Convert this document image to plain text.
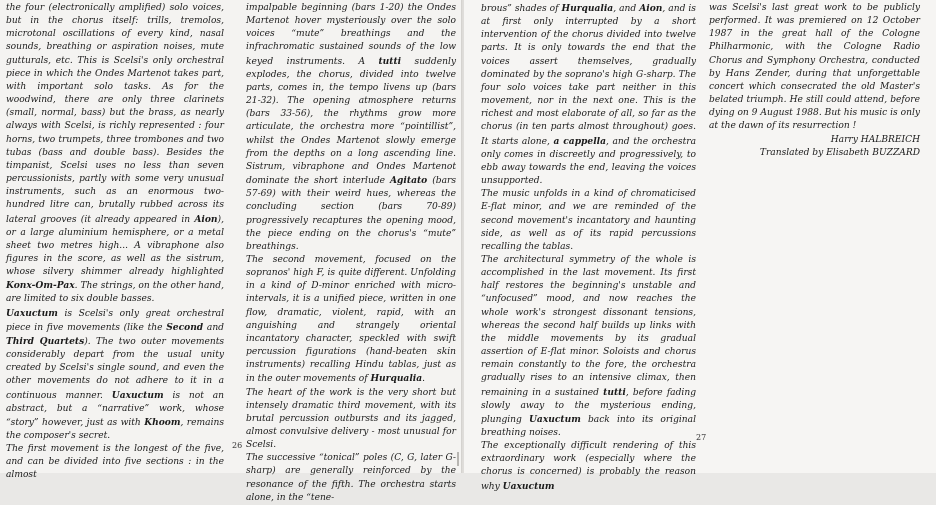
the four (electronically amplified) solo voices, but in the chorus itself: trills, tremolos, microtonal oscillations of every kind, nasal sounds, breathing or aspiration noises, mute gutturals, etc. This is Scelsi's only orchestral piece in which the Ondes Martenot takes part, with important solo tasks. As for the woodwind, there are only three clarinets (small, normal, bass) but the brass, as nearly always with Scelsi, is richly represented : four horns, two trumpets, three trombones and two tubas (bass and double bass). Besides the timpanist, Scelsi uses no less than seven percussionists, partly with some very unusual instruments, such as an enormous two-hundred litre can, brutally rubbed across its lateral grooves (it already appeared in Aion), or a large aluminium hemisphere, or a metal sheet two metres high... A vibraphone also figures in the score, as well as the sistrum, whose silvery shimmer already highlighted Konx-Om-Pax. The strings, on the other hand, are limited to six double basses.

Uaxuctum is Scelsi's only great orchestral piece in five movements (like the Second and Third Quartets). The two outer movements considerably depart from the usual unity created by Scelsi's single sound, and even the other movements do not adhere to it in a continuous manner. Uaxuctum is not an abstract, but a “narrative” work, whose “story” however, just as with Khoom, remains the composer's secret.

The first movement is the longest of the five, and can be divided into five sections : in the almost

impalpable beginning (bars 1-20) the Ondes Martenot hover mysteriously over the solo voices “mute” breathings and the infrachromatic sustained sounds of the low keyed instruments. A tutti suddenly explodes, the chorus, divided into twelve parts, comes in, the tempo livens up (bars 21-32). The opening atmosphere returns (bars 33-56), the rhythms grow more articulate, the orchestra more “pointillist”, whilst the Ondes Martenot slowly emerge from the depths on a long ascending line. Sistrum, vibraphone and Ondes Martenot dominate the short interlude Agitato (bars 57-69) with their weird hues, whereas the concluding section (bars 70-89) progressively recaptures the opening mood, the piece ending on the chorus's “mute” breathings.

The second movement, focused on the sopranos' high F, is quite different. Unfolding in a kind of D-minor enriched with micro-intervals, it is a unified piece, written in one flow, dramatic, violent, rapid, with an anguishing and strangely oriental incantatory character, speckled with swift percussion figurations (hand-beaten skin instruments) recalling Hindu tablas, just as in the outer movements of Hurqualia.

The heart of the work is the very short but intensely dramatic third movement, with its brutal percussion outbursts and its jagged, almost convulsive delivery - most unusual for Scelsi.

The successive “tonical” poles (C, G, later G-sharp) are generally reinforced by the resonance of the fifth. The orchestra starts alone, in the “tene-

26

brous” shades of Hurqualia, and Aion, and is at first only interrupted by a short intervention of the chorus divided into twelve parts. It is only towards the end that the voices assert themselves, gradually dominated by the soprano's high G-sharp. The four solo voices take part neither in this movement, nor in the next one. This is the richest and most elaborate of all, so far as the chorus (in ten parts almost throughout) goes. It starts alone, a cappella, and the orchestra only comes in discreetly and progressively, to ebb away towards the end, leaving the voices unsupported.

The music unfolds in a kind of chromaticised E-flat minor, and we are reminded of the second movement's incantatory and haunting side, as well as of its rapid percussions recalling the tablas.

The architectural symmetry of the whole is accomplished in the last movement. Its first half restores the beginning's unstable and “unfocused” mood, and now reaches the whole work's strongest dissonant tensions, whereas the second half builds up links with the middle movements by its gradual assertion of E-flat minor. Soloists and chorus remain constantly to the fore, the orchestra gradually rises to an intensive climax, then remaining in a sustained tutti, before fading slowly away to the mysterious ending, plunging Uaxuctum back into its original breathing noises.

The exceptionally difficult rendering of this extraordinary work (especially where the chorus is concerned) is probably the reason why Uaxuctum

was Scelsi's last great work to be publicly performed. It was premiered on 12 October 1987 in the great hall of the Cologne Philharmonic, with the Cologne Radio Chorus and Symphony Orchestra, conducted by Hans Zender, during that unforgettable concert which consecrated the old Master's belated triumph. He still could attend, before dying on 9 August 1988. But his music is only at the dawn of its resurrection !

Harry HALBREICH

Translated by Elisabeth BUZZARD

27
